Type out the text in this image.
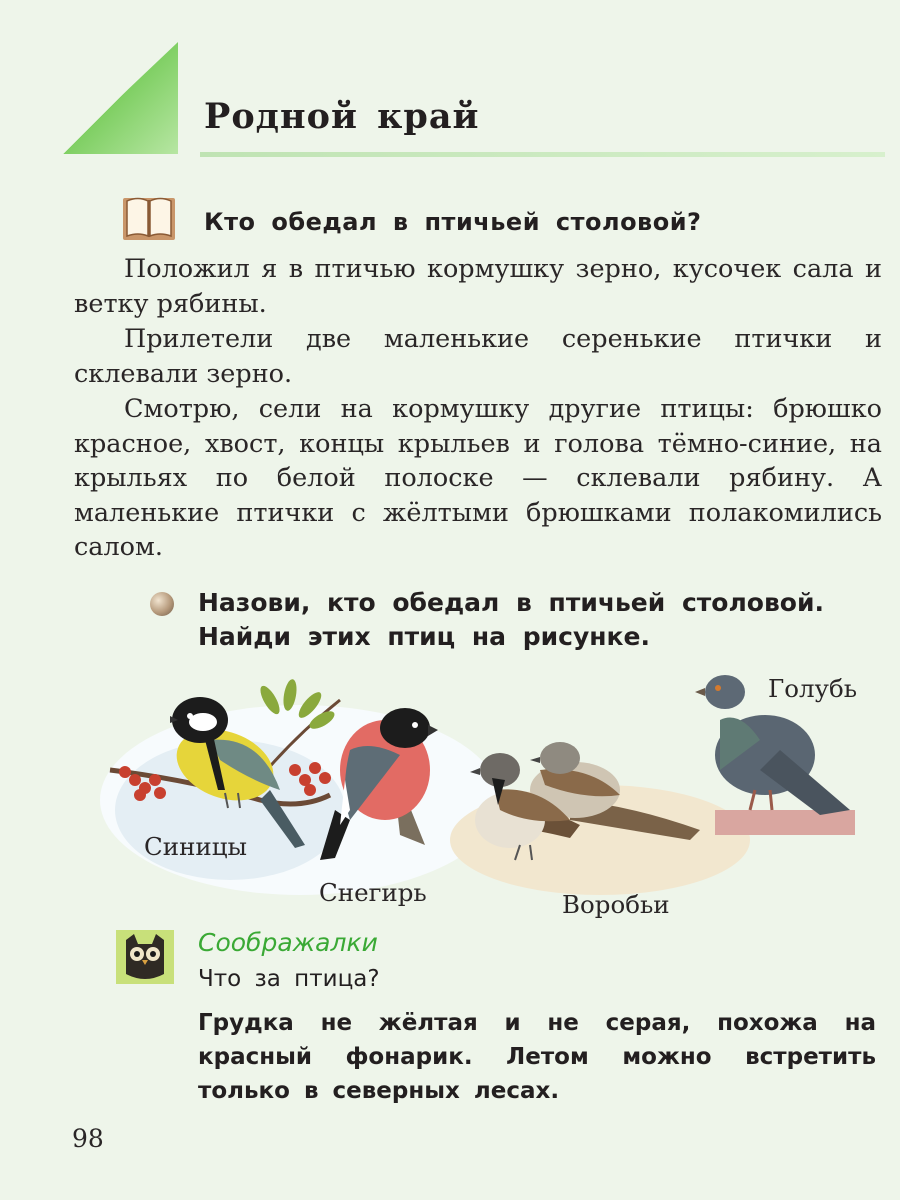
Родной край
Кто обедал в птичьей столовой?

Положил я в птичью кормушку зерно, кусочек сала и ветку рябины.

Прилетели две маленькие серенькие птички и склевали зерно.

Смотрю, сели на кормушку другие птицы: брюшко красное, хвост, концы крыльев и голова тёмно-синие, на крыльях по белой полоске — склевали рябину. А маленькие птички с жёлтыми брюшками полакомились салом.

Назови, кто обедал в птичьей столовой. Найди этих птиц на рисунке.
Голубь
Синицы
Снегирь	Воробьи
Соображалки
Что за птица?
Грудка не жёлтая и не серая, похожа на красный фонарик. Летом можно встретить только в северных лесах.
98
